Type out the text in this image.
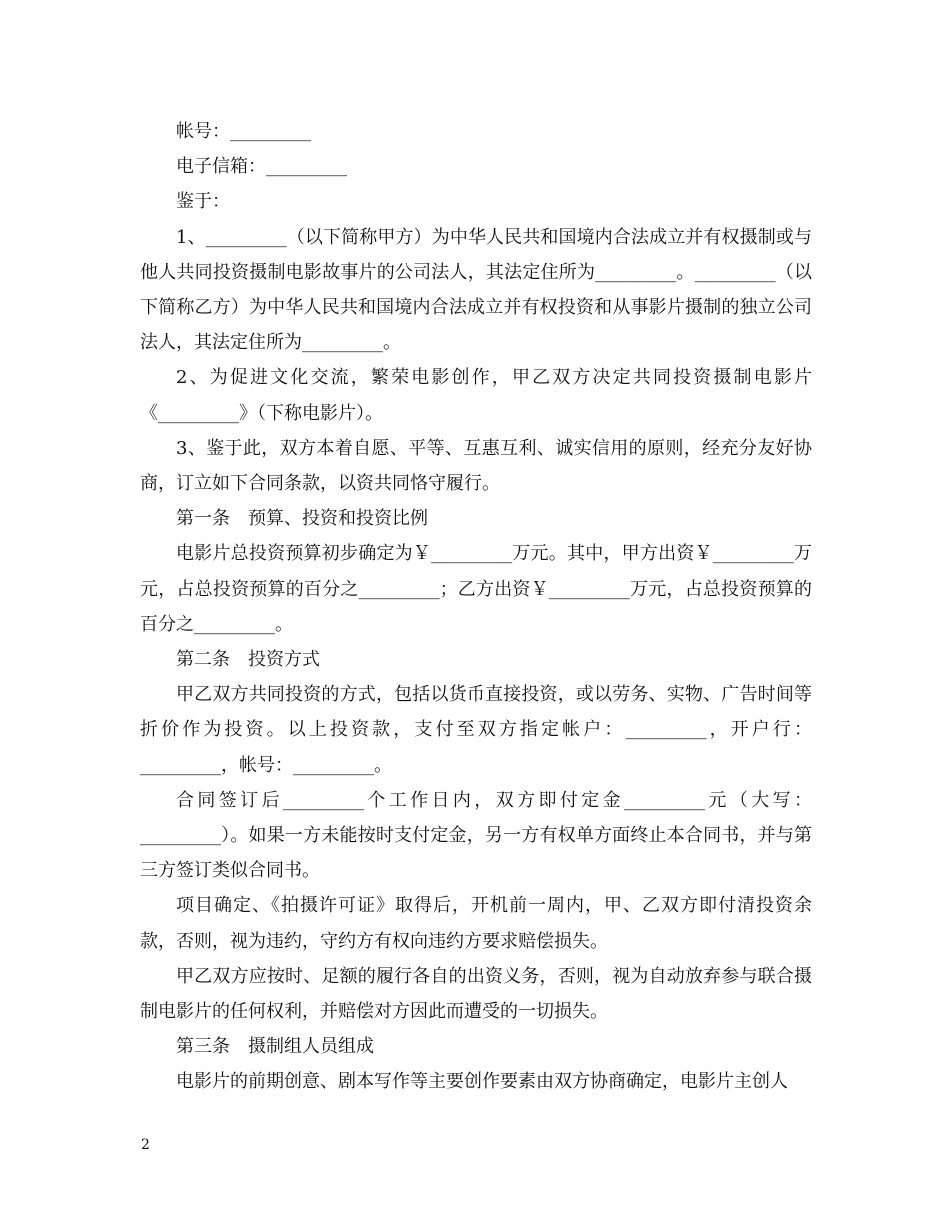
帐号：_________

电子信箱：_________

鉴于：

1、_________（以下简称甲方）为中华人民共和国境内合法成立并有权摄制或与他人共同投资摄制电影故事片的公司法人，其法定住所为_________。_________（以下简称乙方）为中华人民共和国境内合法成立并有权投资和从事影片摄制的独立公司法人，其法定住所为_________。

2、为促进文化交流，繁荣电影创作，甲乙双方决定共同投资摄制电影片《_________》（下称电影片）。

3、鉴于此，双方本着自愿、平等、互惠互利、诚实信用的原则，经充分友好协商，订立如下合同条款，以资共同恪守履行。

第一条　预算、投资和投资比例

电影片总投资预算初步确定为￥_________万元。其中，甲方出资￥_________万元，占总投资预算的百分之_________；乙方出资￥_________万元，占总投资预算的百分之_________。

第二条　投资方式

甲乙双方共同投资的方式，包括以货币直接投资，或以劳务、实物、广告时间等折价作为投资。以上投资款，支付至双方指定帐户：_________，开户行：_________，帐号：_________。

合同签订后_________个工作日内，双方即付定金_________元（大写：_________）。如果一方未能按时支付定金，另一方有权单方面终止本合同书，并与第三方签订类似合同书。

项目确定、《拍摄许可证》取得后，开机前一周内，甲、乙双方即付清投资余款，否则，视为违约，守约方有权向违约方要求赔偿损失。

甲乙双方应按时、足额的履行各自的出资义务，否则，视为自动放弃参与联合摄制电影片的任何权利，并赔偿对方因此而遭受的一切损失。

第三条　摄制组人员组成

电影片的前期创意、剧本写作等主要创作要素由双方协商确定，电影片主创人

2
